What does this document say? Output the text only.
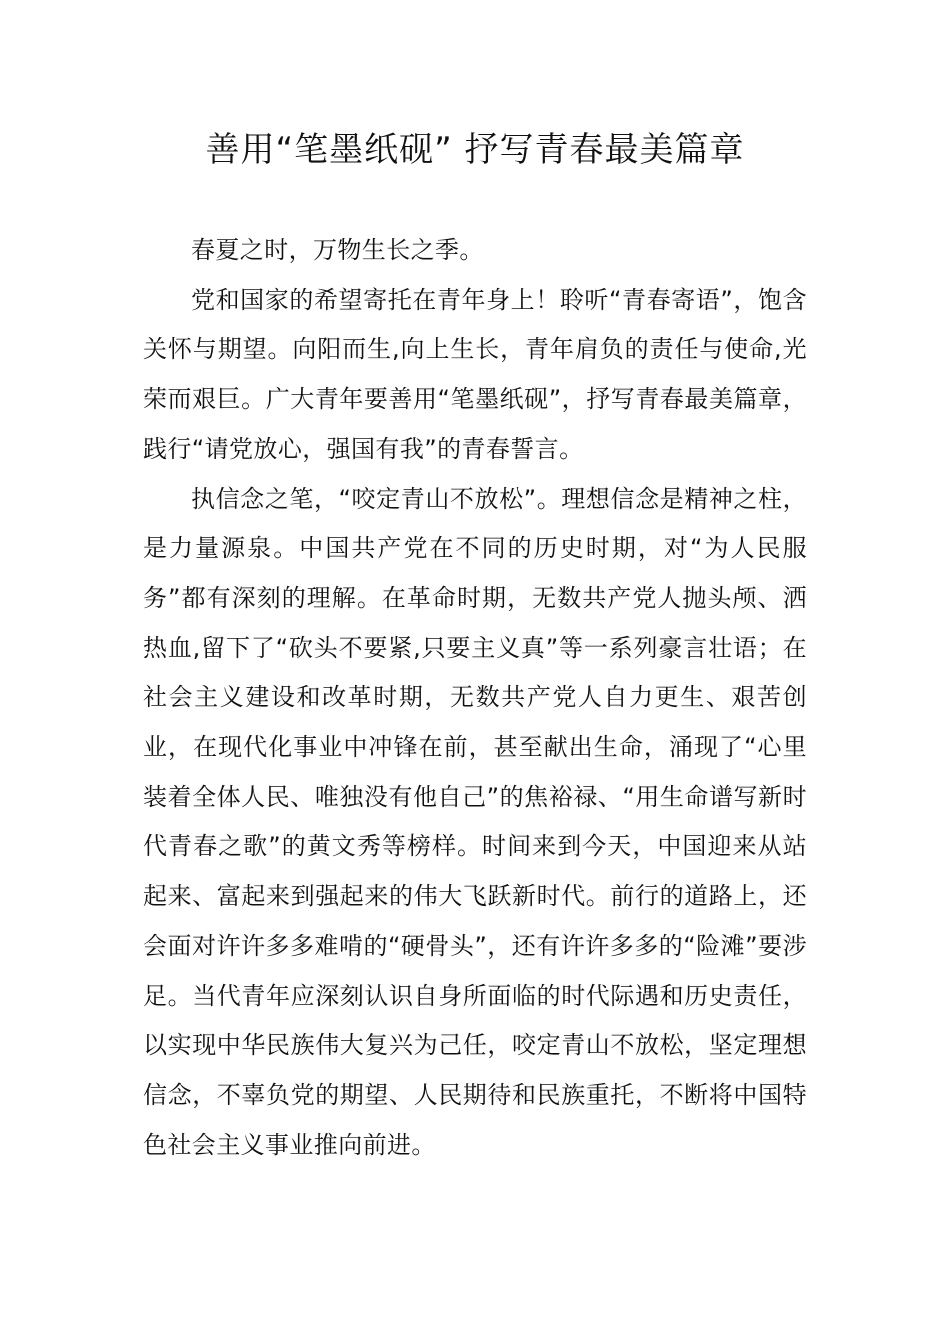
善用“笔墨纸砚” 抒写青春最美篇章

春夏之时，万物生长之季。

党和国家的希望寄托在青年身上！聆听“青春寄语”，饱含关怀与期望。向阳而生,向上生长，青年肩负的责任与使命,光荣而艰巨。广大青年要善用“笔墨纸砚”，抒写青春最美篇章，践行“请党放心，强国有我”的青春誓言。

执信念之笔，“咬定青山不放松”。理想信念是精神之柱，是力量源泉。中国共产党在不同的历史时期，对“为人民服务”都有深刻的理解。在革命时期，无数共产党人抛头颅、洒热血,留下了“砍头不要紧,只要主义真”等一系列豪言壮语；在社会主义建设和改革时期，无数共产党人自力更生、艰苦创业，在现代化事业中冲锋在前，甚至献出生命，涌现了“心里装着全体人民、唯独没有他自己”的焦裕禄、“用生命谱写新时代青春之歌”的黄文秀等榜样。时间来到今天，中国迎来从站起来、富起来到强起来的伟大飞跃新时代。前行的道路上，还会面对许许多多难啃的“硬骨头”，还有许许多多的“险滩”要涉足。当代青年应深刻认识自身所面临的时代际遇和历史责任，以实现中华民族伟大复兴为己任，咬定青山不放松，坚定理想信念，不辜负党的期望、人民期待和民族重托，不断将中国特色社会主义事业推向前进。
